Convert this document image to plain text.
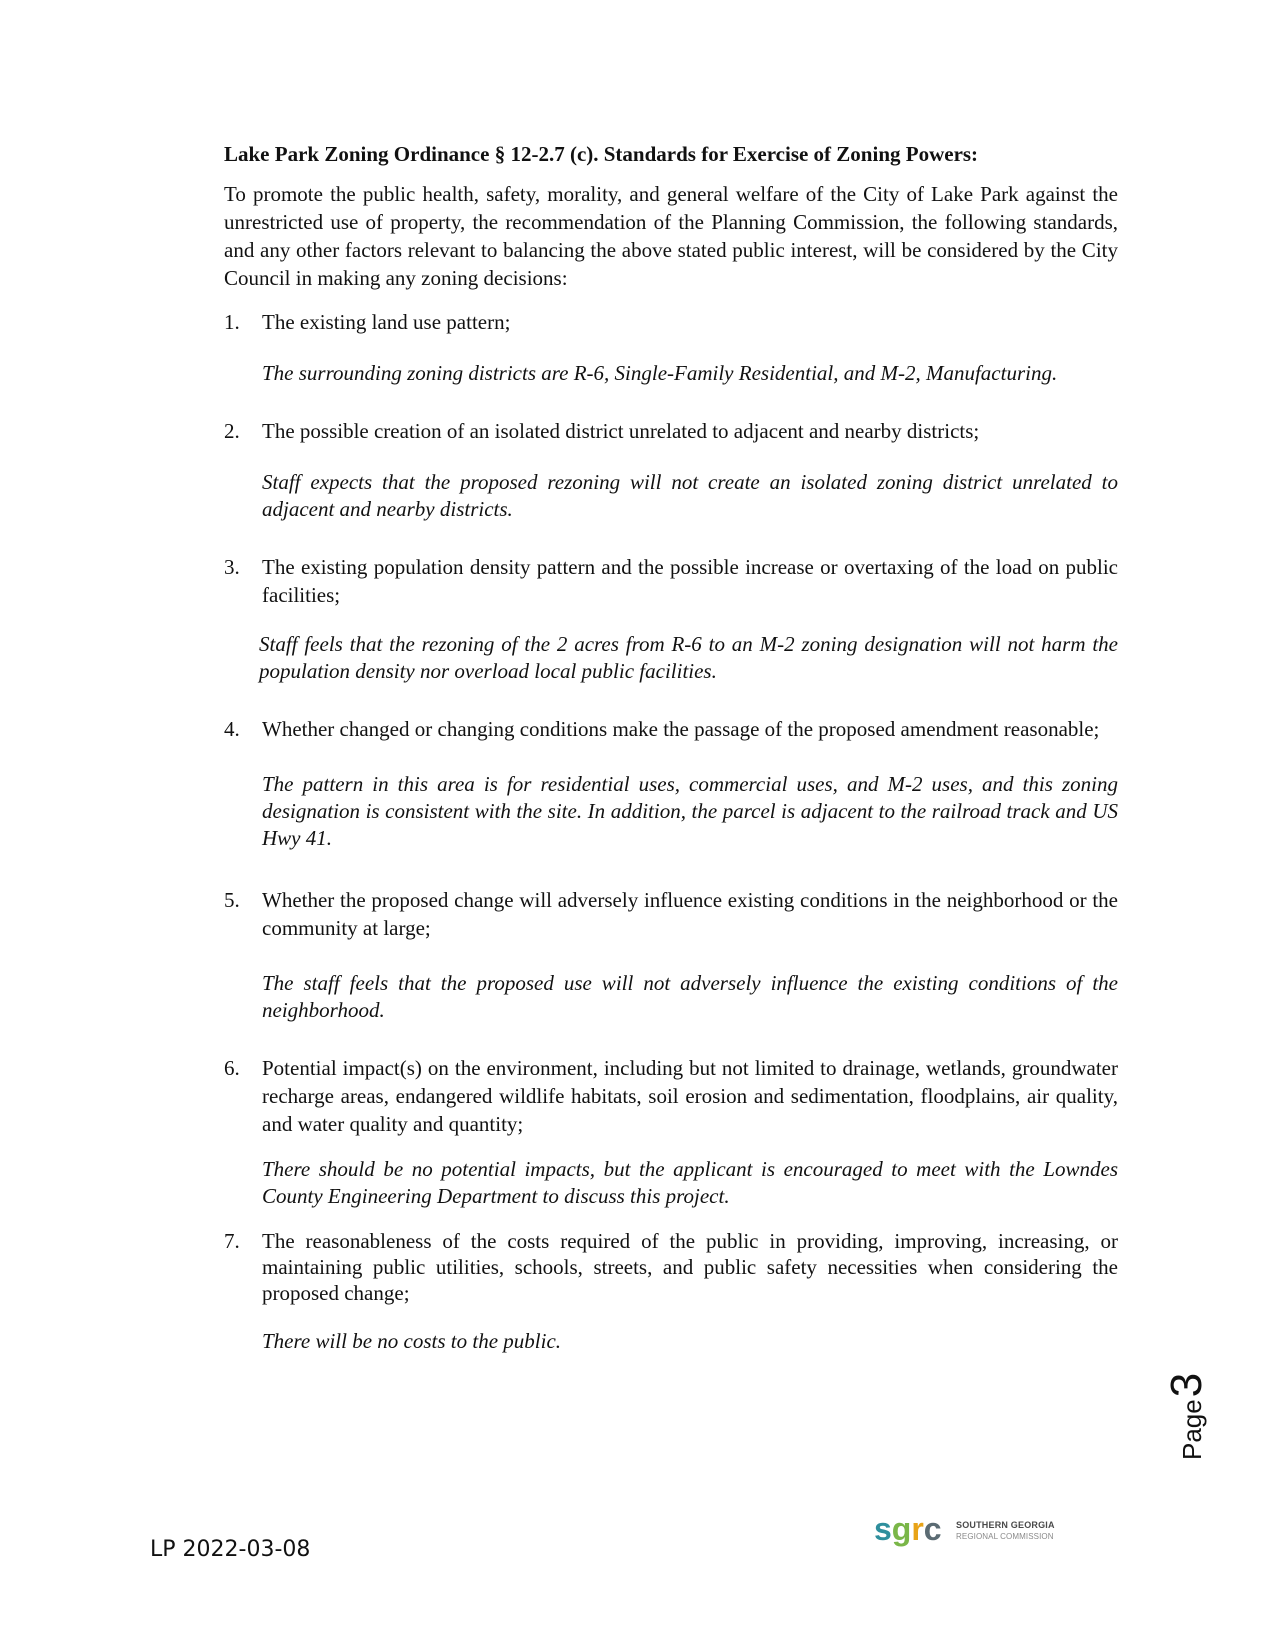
Lake Park Zoning Ordinance § 12-2.7 (c). Standards for Exercise of Zoning Powers:
To promote the public health, safety, morality, and general welfare of the City of Lake Park against the unrestricted use of property, the recommendation of the Planning Commission, the following standards, and any other factors relevant to balancing the above stated public interest, will be considered by the City Council in making any zoning decisions:
1. The existing land use pattern;
The surrounding zoning districts are R-6, Single-Family Residential, and M-2, Manufacturing.
2. The possible creation of an isolated district unrelated to adjacent and nearby districts;
Staff expects that the proposed rezoning will not create an isolated zoning district unrelated to adjacent and nearby districts.
3. The existing population density pattern and the possible increase or overtaxing of the load on public facilities;
Staff feels that the rezoning of the 2 acres from R-6 to an M-2 zoning designation will not harm the population density nor overload local public facilities.
4. Whether changed or changing conditions make the passage of the proposed amendment reasonable;
The pattern in this area is for residential uses, commercial uses, and M-2 uses, and this zoning designation is consistent with the site. In addition, the parcel is adjacent to the railroad track and US Hwy 41.
5. Whether the proposed change will adversely influence existing conditions in the neighborhood or the community at large;
The staff feels that the proposed use will not adversely influence the existing conditions of the neighborhood.
6. Potential impact(s) on the environment, including but not limited to drainage, wetlands, groundwater recharge areas, endangered wildlife habitats, soil erosion and sedimentation, floodplains, air quality, and water quality and quantity;
There should be no potential impacts, but the applicant is encouraged to meet with the Lowndes County Engineering Department to discuss this project.
7. The reasonableness of the costs required of the public in providing, improving, increasing, or maintaining public utilities, schools, streets, and public safety necessities when considering the proposed change;
There will be no costs to the public.
Page3
LP 2022-03-08
sgrc SOUTHERN GEORGIA
REGIONAL COMMISSION
